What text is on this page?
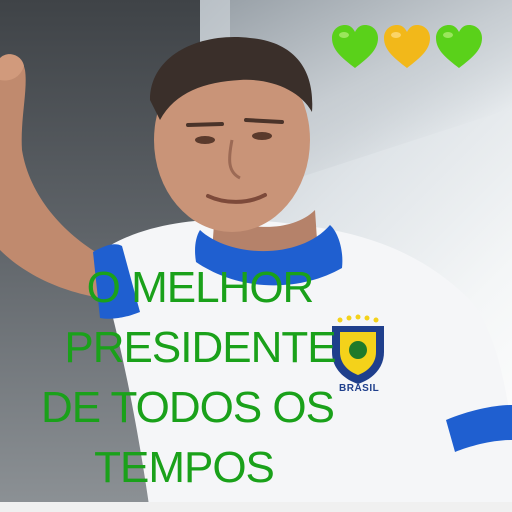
BRASIL
O MELHOR
PRESIDENTE
DE TODOS OS
TEMPOS
